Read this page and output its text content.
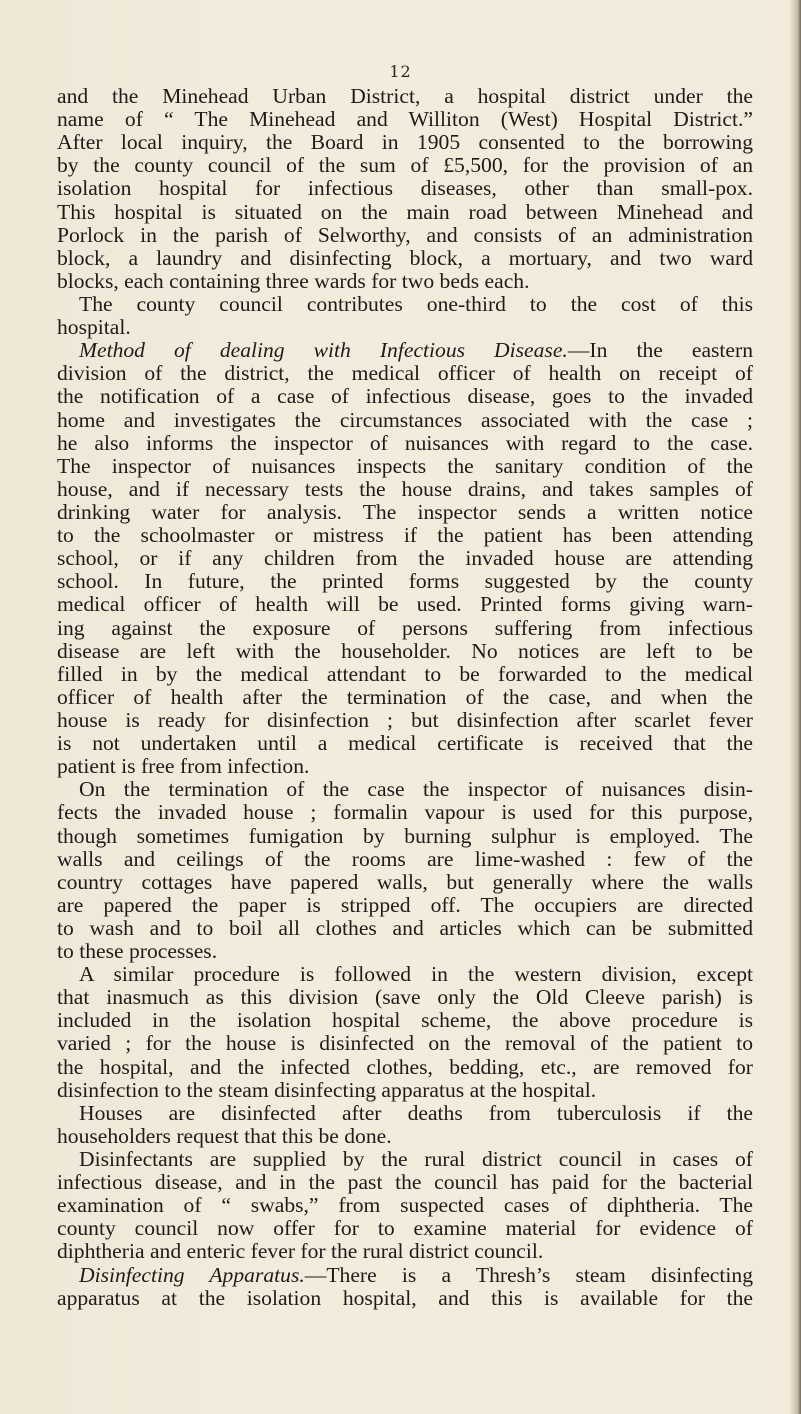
12
and the Minehead Urban District, a hospital district under the
name of “ The Minehead and Williton (West) Hospital District.”
After local inquiry, the Board in 1905 consented to the borrowing
by the county council of the sum of £5,500, for the provision of an
isolation hospital for infectious diseases, other than small-pox.
This hospital is situated on the main road between Minehead and
Porlock in the parish of Selworthy, and consists of an administration
block, a laundry and disinfecting block, a mortuary, and two ward
blocks, each containing three wards for two beds each.
The county council contributes one-third to the cost of this
hospital.
Method of dealing with Infectious Disease.—In the eastern
division of the district, the medical officer of health on receipt of
the notification of a case of infectious disease, goes to the invaded
home and investigates the circumstances associated with the case ;
he also informs the inspector of nuisances with regard to the case.
The inspector of nuisances inspects the sanitary condition of the
house, and if necessary tests the house drains, and takes samples of
drinking water for analysis. The inspector sends a written notice
to the schoolmaster or mistress if the patient has been attending
school, or if any children from the invaded house are attending
school. In future, the printed forms suggested by the county
medical officer of health will be used. Printed forms giving warn-
ing against the exposure of persons suffering from infectious
disease are left with the householder. No notices are left to be
filled in by the medical attendant to be forwarded to the medical
officer of health after the termination of the case, and when the
house is ready for disinfection ; but disinfection after scarlet fever
is not undertaken until a medical certificate is received that the
patient is free from infection.
On the termination of the case the inspector of nuisances disin-
fects the invaded house ; formalin vapour is used for this purpose,
though sometimes fumigation by burning sulphur is employed. The
walls and ceilings of the rooms are lime-washed : few of the
country cottages have papered walls, but generally where the walls
are papered the paper is stripped off. The occupiers are directed
to wash and to boil all clothes and articles which can be submitted
to these processes.
A similar procedure is followed in the western division, except
that inasmuch as this division (save only the Old Cleeve parish) is
included in the isolation hospital scheme, the above procedure is
varied ; for the house is disinfected on the removal of the patient to
the hospital, and the infected clothes, bedding, etc., are removed for
disinfection to the steam disinfecting apparatus at the hospital.
Houses are disinfected after deaths from tuberculosis if the
householders request that this be done.
Disinfectants are supplied by the rural district council in cases of
infectious disease, and in the past the council has paid for the bacterial
examination of “ swabs,” from suspected cases of diphtheria. The
county council now offer for to examine material for evidence of
diphtheria and enteric fever for the rural district council.
Disinfecting Apparatus.—There is a Thresh’s steam disinfecting
apparatus at the isolation hospital, and this is available for the
